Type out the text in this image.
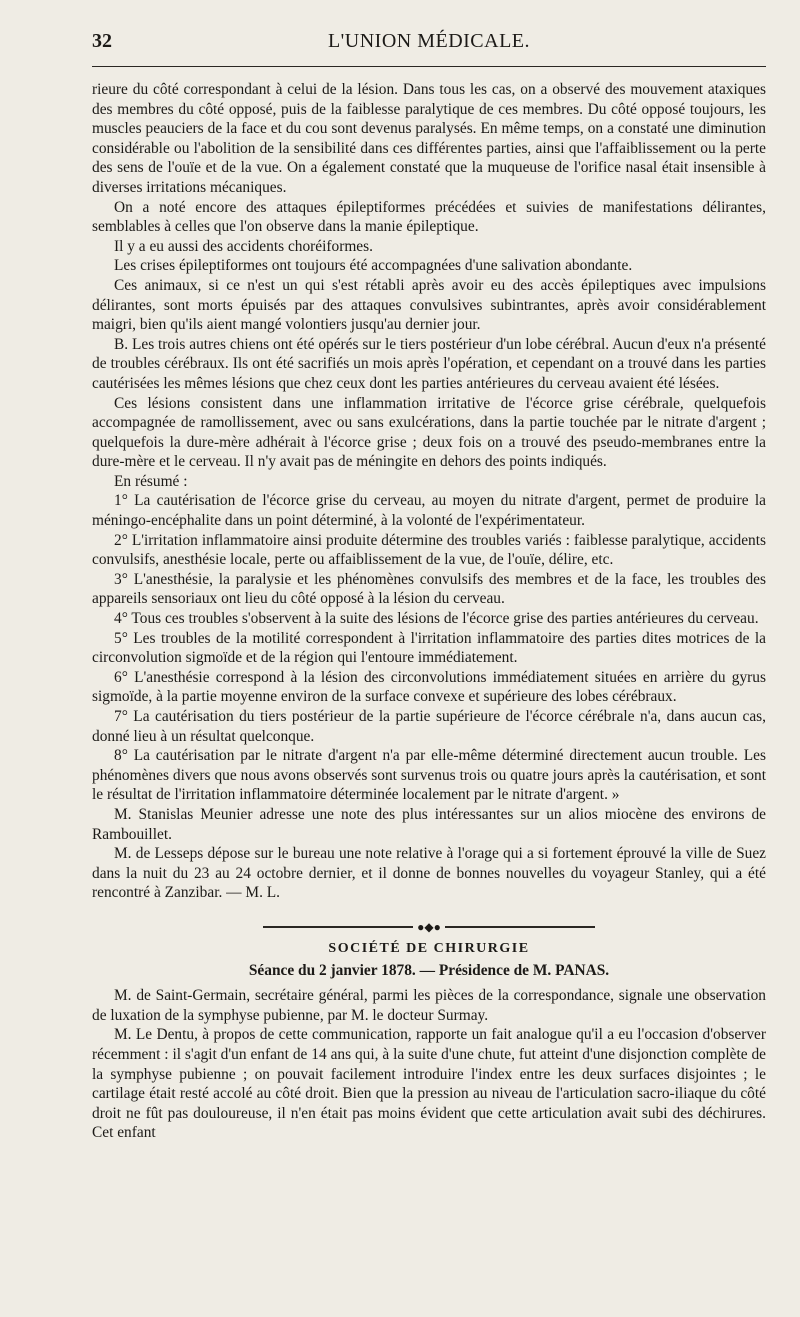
32	L'UNION MÉDICALE.

rieure du côté correspondant à celui de la lésion. Dans tous les cas, on a observé des mouvement ataxiques des membres du côté opposé, puis de la faiblesse paralytique de ces membres. Du côté opposé toujours, les muscles peauciers de la face et du cou sont devenus paralysés. En même temps, on a constaté une diminution considérable ou l'abolition de la sensibilité dans ces différentes parties, ainsi que l'affaiblissement ou la perte des sens de l'ouïe et de la vue. On a également constaté que la muqueuse de l'orifice nasal était insensible à diverses irritations mécaniques.

On a noté encore des attaques épileptiformes précédées et suivies de manifestations délirantes, semblables à celles que l'on observe dans la manie épileptique.

Il y a eu aussi des accidents choréiformes.

Les crises épileptiformes ont toujours été accompagnées d'une salivation abondante.

Ces animaux, si ce n'est un qui s'est rétabli après avoir eu des accès épileptiques avec impulsions délirantes, sont morts épuisés par des attaques convulsives subintrantes, après avoir considérablement maigri, bien qu'ils aient mangé volontiers jusqu'au dernier jour.

B. Les trois autres chiens ont été opérés sur le tiers postérieur d'un lobe cérébral. Aucun d'eux n'a présenté de troubles cérébraux. Ils ont été sacrifiés un mois après l'opération, et cependant on a trouvé dans les parties cautérisées les mêmes lésions que chez ceux dont les parties antérieures du cerveau avaient été lésées.

Ces lésions consistent dans une inflammation irritative de l'écorce grise cérébrale, quelquefois accompagnée de ramollissement, avec ou sans exulcérations, dans la partie touchée par le nitrate d'argent ; quelquefois la dure-mère adhérait à l'écorce grise ; deux fois on a trouvé des pseudo-membranes entre la dure-mère et le cerveau. Il n'y avait pas de méningite en dehors des points indiqués.

En résumé :

1° La cautérisation de l'écorce grise du cerveau, au moyen du nitrate d'argent, permet de produire la méningo-encéphalite dans un point déterminé, à la volonté de l'expérimentateur.

2° L'irritation inflammatoire ainsi produite détermine des troubles variés : faiblesse paralytique, accidents convulsifs, anesthésie locale, perte ou affaiblissement de la vue, de l'ouïe, délire, etc.

3° L'anesthésie, la paralysie et les phénomènes convulsifs des membres et de la face, les troubles des appareils sensoriaux ont lieu du côté opposé à la lésion du cerveau.

4° Tous ces troubles s'observent à la suite des lésions de l'écorce grise des parties antérieures du cerveau.

5° Les troubles de la motilité correspondent à l'irritation inflammatoire des parties dites motrices de la circonvolution sigmoïde et de la région qui l'entoure immédiatement.

6° L'anesthésie correspond à la lésion des circonvolutions immédiatement situées en arrière du gyrus sigmoïde, à la partie moyenne environ de la surface convexe et supérieure des lobes cérébraux.

7° La cautérisation du tiers postérieur de la partie supérieure de l'écorce cérébrale n'a, dans aucun cas, donné lieu à un résultat quelconque.

8° La cautérisation par le nitrate d'argent n'a par elle-même déterminé directement aucun trouble. Les phénomènes divers que nous avons observés sont survenus trois ou quatre jours après la cautérisation, et sont le résultat de l'irritation inflammatoire déterminée localement par le nitrate d'argent. »

M. Stanislas Meunier adresse une note des plus intéressantes sur un alios miocène des environs de Rambouillet.

M. de Lesseps dépose sur le bureau une note relative à l'orage qui a si fortement éprouvé la ville de Suez dans la nuit du 23 au 24 octobre dernier, et il donne de bonnes nouvelles du voyageur Stanley, qui a été rencontré à Zanzibar. — M. L.

●◆●
SOCIÉTÉ DE CHIRURGIE
Séance du 2 janvier 1878. — Présidence de M. PANAS.

M. de Saint-Germain, secrétaire général, parmi les pièces de la correspondance, signale une observation de luxation de la symphyse pubienne, par M. le docteur Surmay.

M. Le Dentu, à propos de cette communication, rapporte un fait analogue qu'il a eu l'occasion d'observer récemment : il s'agit d'un enfant de 14 ans qui, à la suite d'une chute, fut atteint d'une disjonction complète de la symphyse pubienne ; on pouvait facilement introduire l'index entre les deux surfaces disjointes ; le cartilage était resté accolé au côté droit. Bien que la pression au niveau de l'articulation sacro-iliaque du côté droit ne fût pas douloureuse, il n'en était pas moins évident que cette articulation avait subi des déchirures. Cet enfant
